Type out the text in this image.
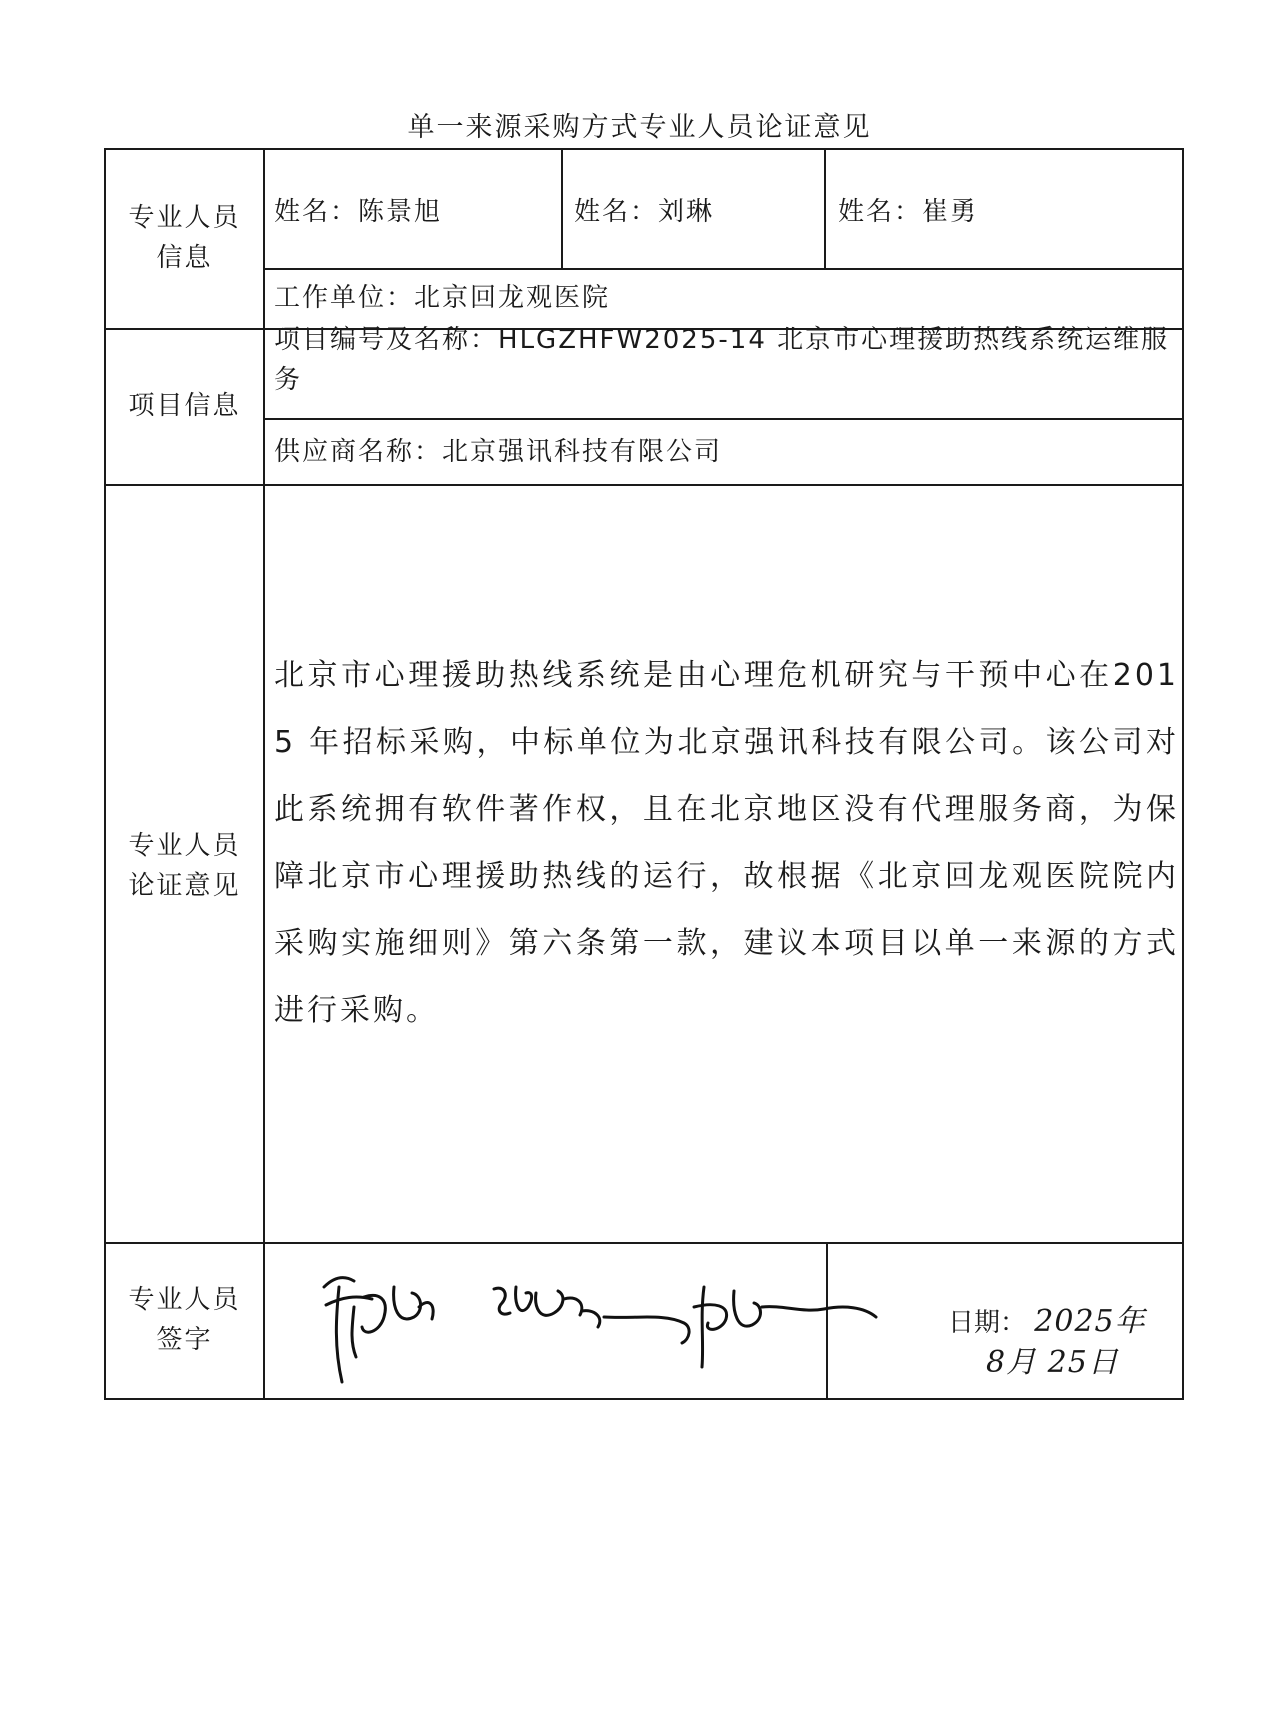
单一来源采购方式专业人员论证意见
专业人员信息
姓名：陈景旭	姓名：刘琳	姓名：崔勇
工作单位：北京回龙观医院
项目信息
项目编号及名称：HLGZHFW2025-14 北京市心理援助热线系统运维服务
供应商名称：北京强讯科技有限公司
专业人员论证意见
北京市心理援助热线系统是由心理危机研究与干预中心在2015 年招标采购，中标单位为北京强讯科技有限公司。该公司对此系统拥有软件著作权，且在北京地区没有代理服务商，为保障北京市心理援助热线的运行，故根据《北京回龙观医院院内采购实施细则》第六条第一款，建议本项目以单一来源的方式进行采购。
专业人员签字
日期： 2025年8月 25日
